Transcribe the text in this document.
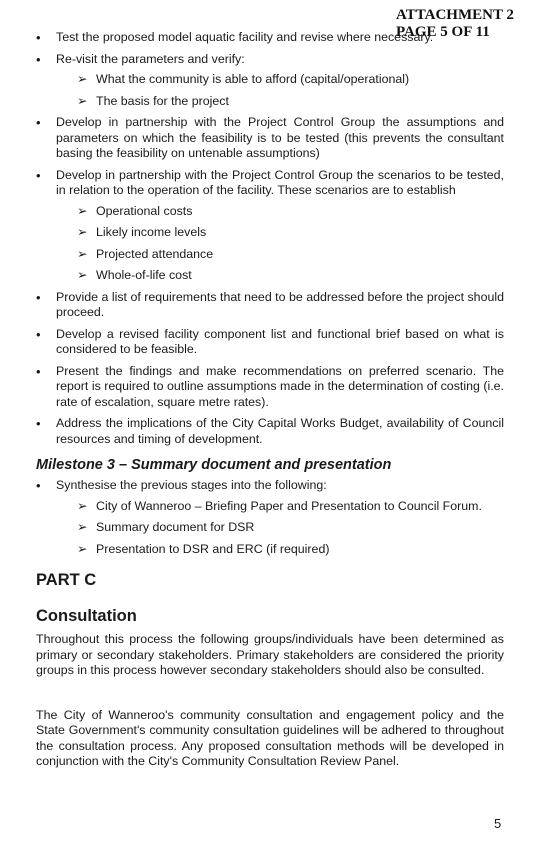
ATTACHMENT 2
PAGE 5 OF 11
• Test the proposed model aquatic facility and revise where necessary.
• Re-visit the parameters and verify:
➢ What the community is able to afford (capital/operational)
➢ The basis for the project
• Develop in partnership with the Project Control Group the assumptions and parameters on which the feasibility is to be tested (this prevents the consultant basing the feasibility on untenable assumptions)
• Develop in partnership with the Project Control Group the scenarios to be tested, in relation to the operation of the facility. These scenarios are to establish
➢ Operational costs
➢ Likely income levels
➢ Projected attendance
➢ Whole-of-life cost
• Provide a list of requirements that need to be addressed before the project should proceed.
• Develop a revised facility component list and functional brief based on what is considered to be feasible.
• Present the findings and make recommendations on preferred scenario. The report is required to outline assumptions made in the determination of costing (i.e. rate of escalation, square metre rates).
• Address the implications of the City Capital Works Budget, availability of Council resources and timing of development.
Milestone 3 – Summary document and presentation
• Synthesise the previous stages into the following:
➢ City of Wanneroo – Briefing Paper and Presentation to Council Forum.
➢ Summary document for DSR
➢ Presentation to DSR and ERC (if required)
PART C
Consultation
Throughout this process the following groups/individuals have been determined as primary or secondary stakeholders. Primary stakeholders are considered the priority groups in this process however secondary stakeholders should also be consulted.
The City of Wanneroo's community consultation and engagement policy and the State Government's community consultation guidelines will be adhered to throughout the consultation process. Any proposed consultation methods will be developed in conjunction with the City's Community Consultation Review Panel.
5
